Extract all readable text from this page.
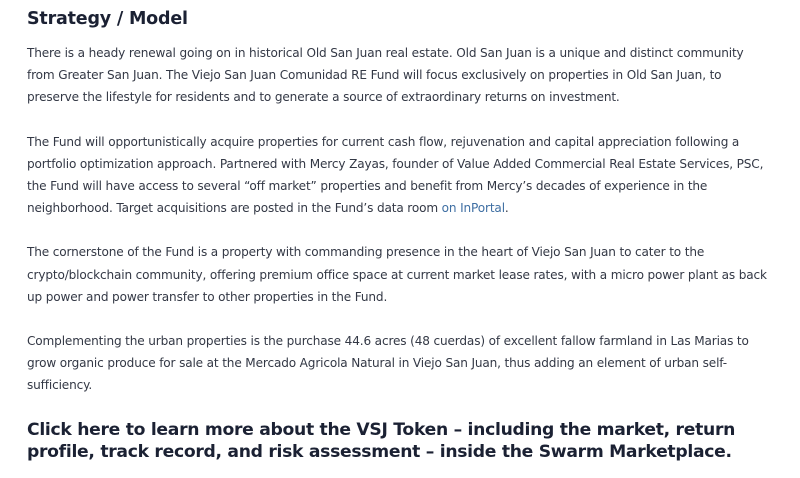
Strategy / Model

There is a heady renewal going on in historical Old San Juan real estate. Old San Juan is a unique and distinct community from Greater San Juan. The Viejo San Juan Comunidad RE Fund will focus exclusively on properties in Old San Juan, to preserve the lifestyle for residents and to generate a source of extraordinary returns on investment.

The Fund will opportunistically acquire properties for current cash flow, rejuvenation and capital appreciation following a portfolio optimization approach. Partnered with Mercy Zayas, founder of Value Added Commercial Real Estate Services, PSC, the Fund will have access to several “off market” properties and benefit from Mercy’s decades of experience in the neighborhood. Target acquisitions are posted in the Fund’s data room on InPortal.

The cornerstone of the Fund is a property with commanding presence in the heart of Viejo San Juan to cater to the crypto/blockchain community, offering premium office space at current market lease rates, with a micro power plant as back up power and power transfer to other properties in the Fund.

Complementing the urban properties is the purchase 44.6 acres (48 cuerdas) of excellent fallow farmland in Las Marias to grow organic produce for sale at the Mercado Agricola Natural in Viejo San Juan, thus adding an element of urban self-sufficiency.

Click here to learn more about the VSJ Token – including the market, return profile, track record, and risk assessment – inside the Swarm Marketplace.
